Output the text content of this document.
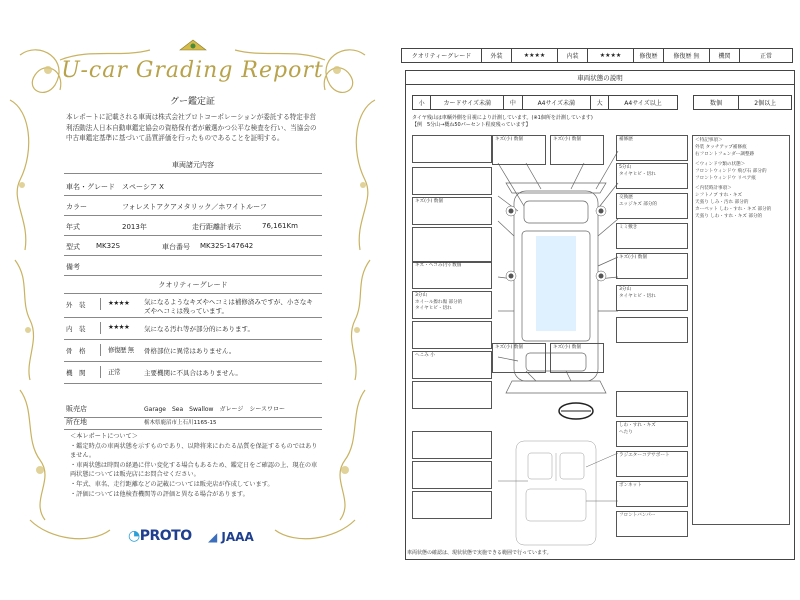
U-car Grading Report
グー鑑定証
本レポートに記載される車両は株式会社プロトコーポレーションが委託する特定非営利活動法人日本自動車鑑定協会の資格保有者が厳選かつ公平な検査を行い、当協会の中古車鑑定基準に基づいて品質評価を行ったものであることを証明する。
車両諸元内容
車名・グレード スペーシア X
カラー	フォレストアクアメタリック／ホワイトルーフ
年式	2013年	走行距離計表示	76,161Km
型式 MK32S	車台番号 MK32S-147642
備考
クオリティーグレード
外　装	★★★★ 気になるようなキズやヘコミは補修済みですが、小さなキズやヘコミは残っています。
内　装	★★★★ 気になる汚れ等が部分的にあります。
骨　格	修復歴 無 骨格部位に異常はありません。
機　関	正常	主要機関に不具合はありません。
販売店	Garage　Sea　Swallow　ガレージ　シースワロー
所在地	栃木県鹿沼市上石川1165-15
＜本レポートについて＞
・鑑定時点の車両状態を示すものであり、以降将来にわたる品質を保証するものではありません。
・車両状態は時間の経過に伴い変化する場合もあるため、鑑定日をご確認の上、現在の車両状態については販売店にお問合せください。
・年式、車名、走行距離などの記載については販売店が作成しています。
・評価については他検査機関等の評価と異なる場合があります。
◔PROTO ◢ JAAA
クオリティーグレード	外装	★★★★	内装	★★★★	修復歴	修復歴 無	機関	正常
車両状態の説明
小	カードサイズ未満	中	A4サイズ未満	大	A4サイズ以上		数個	2個以上
タイヤ残山は車輌外側を目視により計測しています。(※1個所を計測しています)
【例　5分山→概ね50パーセント程度残っています】
キズ(小) 数個
キズ・ヘコみ(小) 数個
3分山
ホイール擦れ傷 部分的
タイヤヒビ・切れ
へこみ 小
キズ(小) 数個	キズ(小) 数個
キズ(小) 数個	キズ(小) 数個
補修歴
5分山
タイヤヒビ・切れ
交換歴
エッジキズ 部分的
ミミ敷き
キズ(小) 数個
3分山
タイヤヒビ・切れ
しわ・すれ・キズ
へたり
ラジエターコアサポート
ボンネット
フロントバンパー
＜特記事項＞
外装 タッチアップ補修痕
右フロントフェンダー調整跡
＜ウィンドウ類の状態＞
フロントウィンドウ 飛び石 部分的
フロントウィンドウ リペア痕
＜内装時計事項＞
シフトノブ すれ・キズ
天張り しみ・汚れ 部分的
カーペット しわ・すれ・キズ 部分的
天張り しわ・すれ・キズ 部分的
車両状態の確認は、現状状態で実施できる範囲で行っています。
